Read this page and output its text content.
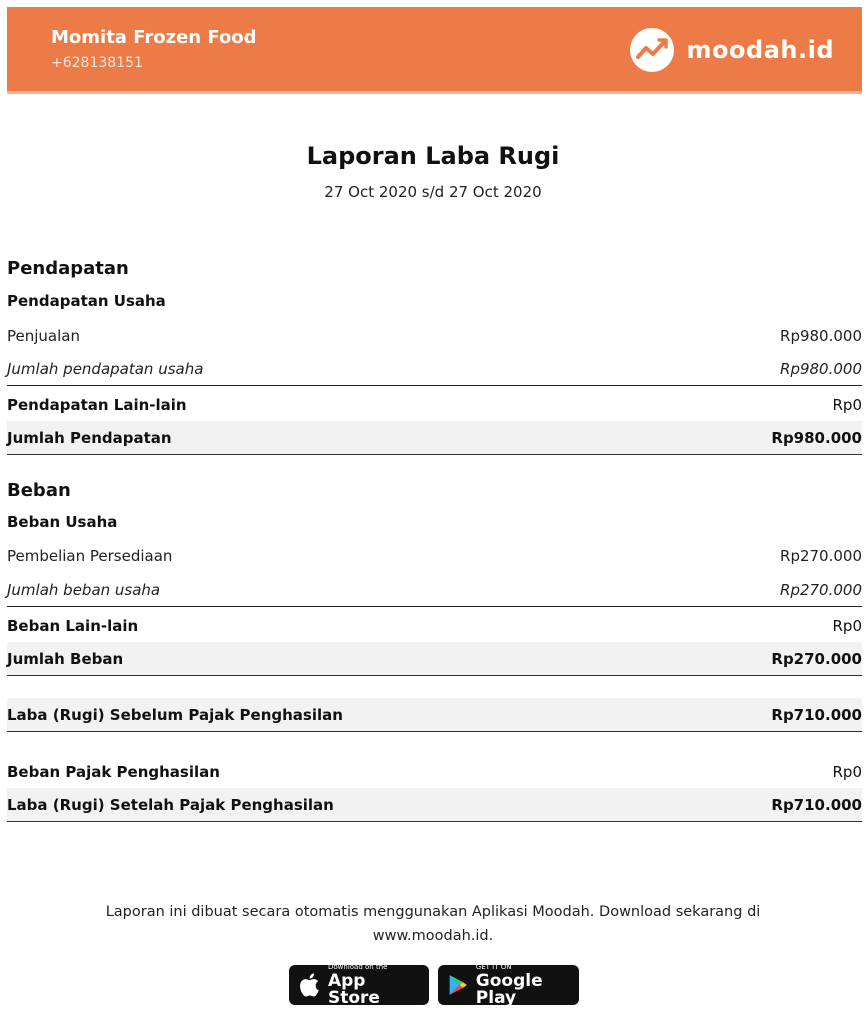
Momita Frozen Food
+628138151	moodah.id
Laporan Laba Rugi
27 Oct 2020 s/d 27 Oct 2020
Pendapatan
Pendapatan Usaha
Penjualan	Rp980.000
Jumlah pendapatan usaha	Rp980.000
Pendapatan Lain-lain	Rp0
Jumlah Pendapatan	Rp980.000
Beban
Beban Usaha
Pembelian Persediaan	Rp270.000
Jumlah beban usaha	Rp270.000
Beban Lain-lain	Rp0
Jumlah Beban	Rp270.000
Laba (Rugi) Sebelum Pajak Penghasilan	Rp710.000
Beban Pajak Penghasilan	Rp0
Laba (Rugi) Setelah Pajak Penghasilan	Rp710.000
Laporan ini dibuat secara otomatis menggunakan Aplikasi Moodah. Download sekarang di
www.moodah.id.
Download on the
App Store
GET IT ON
Google Play
